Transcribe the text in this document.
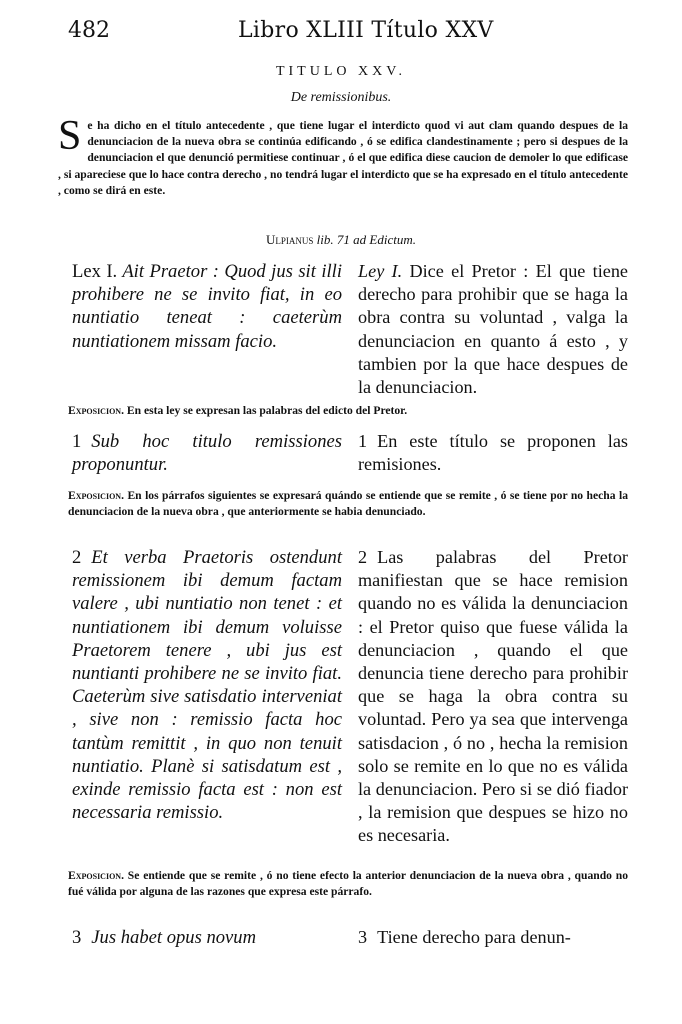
482	Libro XLIII Título XXV
TITULO XXV.
De remissionibus.
Se ha dicho en el título antecedente , que tiene lugar el interdicto quod vi aut clam quando despues de la denunciacion de la nueva obra se continúa edificando , ó se edifica clandestinamente ; pero si despues de la denunciacion el que denunció permitiese continuar , ó el que edifica diese caucion de demoler lo que edificase , si apareciese que lo hace contra derecho , no tendrá lugar el interdicto que se ha expresado en el título antecedente , como se dirá en este.
Ulpianus lib. 71 ad Edictum.
Lex I. Ait Praetor : Quod jus sit illi prohibere ne se invito fiat, in eo nuntiatio teneat : caeterùm nuntiationem missam facio.
Ley I. Dice el Pretor : El que tiene derecho para prohibir que se haga la obra contra su voluntad , valga la denunciacion en quanto á esto , y tambien por la que hace despues de la denunciacion.
Exposicion. En esta ley se expresan las palabras del edicto del Pretor.
1 Sub hoc titulo remissiones proponuntur.
1 En este título se proponen las remisiones.
Exposicion. En los párrafos siguientes se expresará quándo se entiende que se remite , ó se tiene por no hecha la denunciacion de la nueva obra , que anteriormente se habia denunciado.
2 Et verba Praetoris ostendunt remissionem ibi demum factam valere , ubi nuntiatio non tenet : et nuntiationem ibi demum voluisse Praetorem tenere , ubi jus est nuntianti prohibere ne se invito fiat. Caeterùm sive satisdatio interveniat , sive non : remissio facta hoc tantùm remittit , in quo non tenuit nuntiatio. Planè si satisdatum est , exinde remissio facta est : non est necessaria remissio.
2 Las palabras del Pretor manifiestan que se hace remision quando no es válida la denunciacion : el Pretor quiso que fuese válida la denunciacion , quando el que denuncia tiene derecho para prohibir que se haga la obra contra su voluntad. Pero ya sea que intervenga satisdacion , ó no , hecha la remision solo se remite en lo que no es válida la denunciacion. Pero si se dió fiador , la remision que despues se hizo no es necesaria.
Exposicion. Se entiende que se remite , ó no tiene efecto la anterior denunciacion de la nueva obra , quando no fué válida por alguna de las razones que expresa este párrafo.
3 Jus habet opus novum	3 Tiene derecho para denun-
